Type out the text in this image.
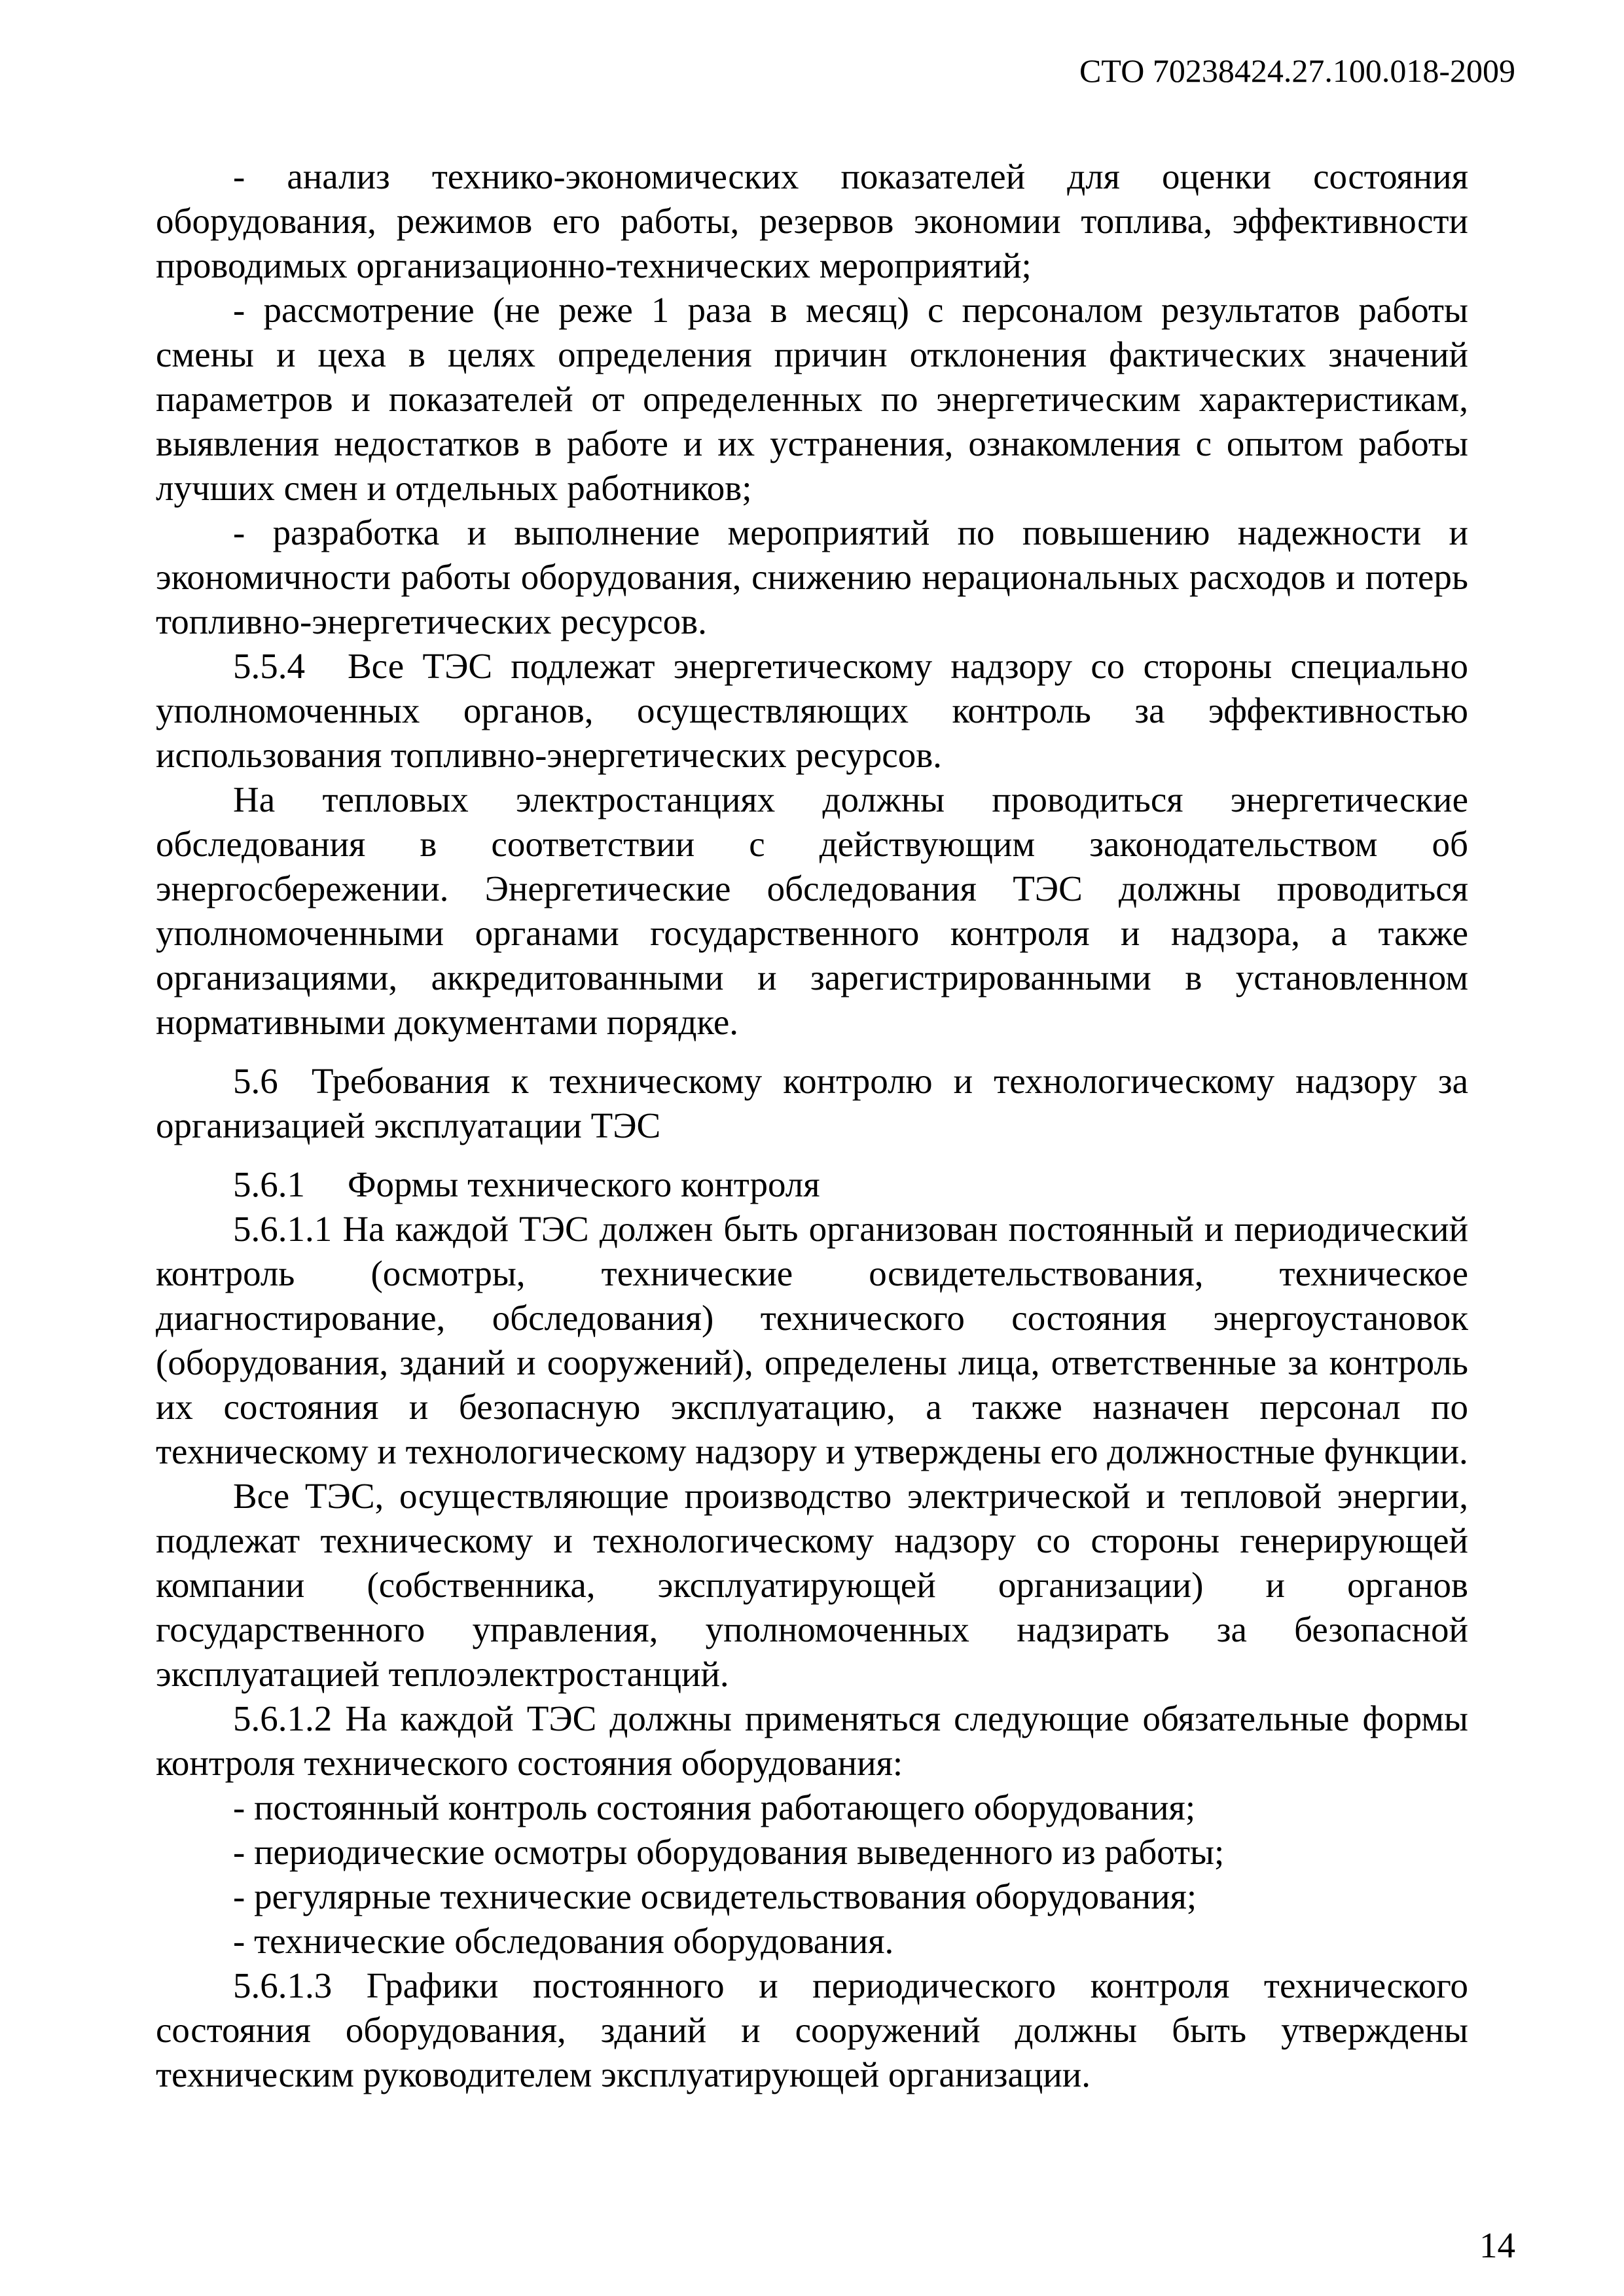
СТО 70238424.27.100.018-2009

- анализ технико-экономических показателей для оценки состояния оборудования, режимов его работы, резервов экономии топлива, эффективности проводимых организационно-технических мероприятий;

- рассмотрение (не реже 1 раза в месяц) с персоналом результатов работы смены и цеха в целях определения причин отклонения фактических значений параметров и показателей от определенных по энергетическим характеристикам, выявления недостатков в работе и их устранения, ознакомления с опытом работы лучших смен и отдельных работников;

- разработка и выполнение мероприятий по повышению надежности и экономичности работы оборудования, снижению нерациональных расходов и потерь топливно-энергетических ресурсов.

5.5.4 Все ТЭС подлежат энергетическому надзору со стороны специально уполномоченных органов, осуществляющих контроль за эффективностью использования топливно-энергетических ресурсов.

На тепловых электростанциях должны проводиться энергетические обследования в соответствии с действующим законодательством об энергосбережении. Энергетические обследования ТЭС должны проводиться уполномоченными органами государственного контроля и надзора, а также организациями, аккредитованными и зарегистрированными в установленном нормативными документами порядке.

5.6 Требования к техническому контролю и технологическому надзору за организацией эксплуатации ТЭС

5.6.1 Формы технического контроля

5.6.1.1 На каждой ТЭС должен быть организован постоянный и периодический контроль (осмотры, технические освидетельствования, техническое диагностирование, обследования) технического состояния энергоустановок (оборудования, зданий и сооружений), определены лица, ответственные за контроль их состояния и безопасную эксплуатацию, а также назначен персонал по техническому и технологическому надзору и утверждены его должностные функции.

Все ТЭС, осуществляющие производство электрической и тепловой энергии, подлежат техническому и технологическому надзору со стороны генерирующей компании (собственника, эксплуатирующей организации) и органов государственного управления, уполномоченных надзирать за безопасной эксплуатацией теплоэлектростанций.

5.6.1.2 На каждой ТЭС должны применяться следующие обязательные формы контроля технического состояния оборудования:

- постоянный контроль состояния работающего оборудования;

- периодические осмотры оборудования выведенного из работы;

- регулярные технические освидетельствования оборудования;

- технические обследования оборудования.

5.6.1.3 Графики постоянного и периодического контроля технического состояния оборудования, зданий и сооружений должны быть утверждены техническим руководителем эксплуатирующей организации.

14
